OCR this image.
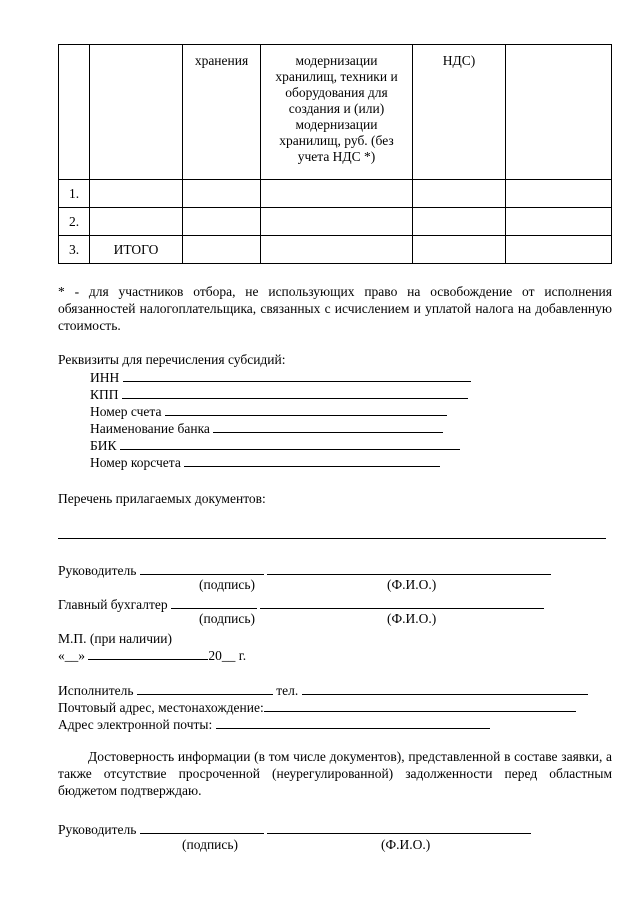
		хранения	модернизации хранилищ, техники и оборудования для создания и (или) модернизации хранилищ, руб. (без учета НДС *)	НДС)	
1.					
2.					
3.	ИТОГО				
* - для участников отбора, не использующих право на освобождение от исполнения обязанностей налогоплательщика, связанных с исчислением и уплатой налога на добавленную стоимость.
Реквизиты для перечисления субсидий:
ИНН
КПП
Номер счета
Наименование банка
БИК
Номер корсчета
Перечень прилагаемых документов:
Руководитель
(подпись)	(Ф.И.О.)
Главный бухгалтер
(подпись)	(Ф.И.О.)
М.П. (при наличии)
«__»	20__ г.
Исполнитель	тел.
Почтовый адрес, местонахождение:
Адрес электронной почты:
Достоверность информации (в том числе документов), представленной в составе заявки, а также отсутствие просроченной (неурегулированной) задолженности перед областным бюджетом подтверждаю.
Руководитель
(подпись)	(Ф.И.О.)
